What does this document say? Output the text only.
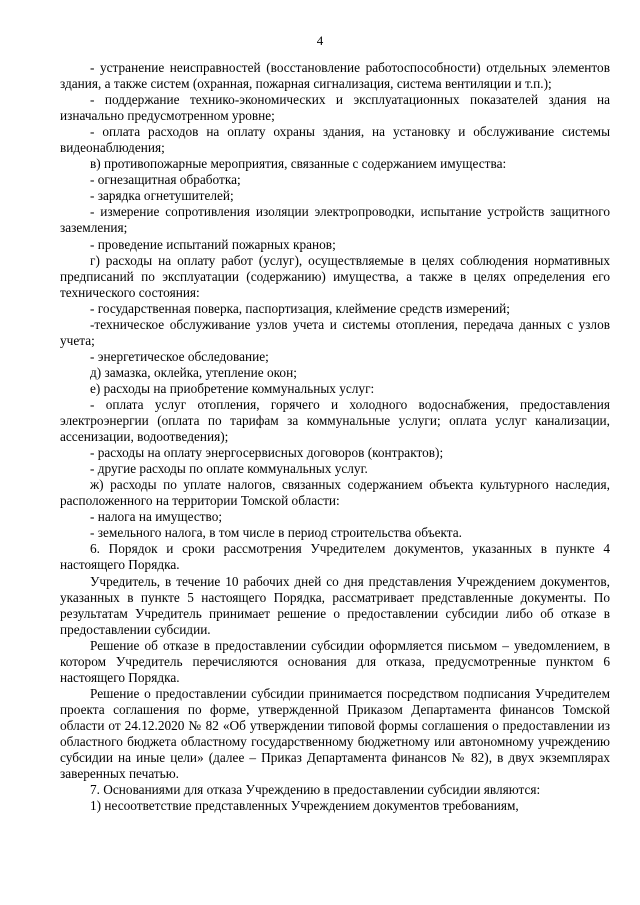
4

- устранение неисправностей (восстановление работоспособности) отдельных элементов здания, а также систем (охранная, пожарная сигнализация, система вентиляции и т.п.);

- поддержание технико-экономических и эксплуатационных показателей здания на изначально предусмотренном уровне;

- оплата расходов на оплату охраны здания, на установку и обслуживание системы видеонаблюдения;

в) противопожарные мероприятия, связанные с содержанием имущества:

- огнезащитная обработка;

- зарядка огнетушителей;

- измерение сопротивления изоляции электропроводки, испытание устройств защитного заземления;

- проведение испытаний пожарных кранов;

г) расходы на оплату работ (услуг), осуществляемые в целях соблюдения нормативных предписаний по эксплуатации (содержанию) имущества, а также в целях определения его технического состояния:

- государственная поверка, паспортизация, клеймение средств измерений;

-техническое обслуживание узлов учета и системы отопления, передача данных с узлов учета;

- энергетическое обследование;

д) замазка, оклейка, утепление окон;

е) расходы на приобретение коммунальных услуг:

- оплата услуг отопления, горячего и холодного водоснабжения, предоставления электроэнергии (оплата по тарифам за коммунальные услуги; оплата услуг канализации, ассенизации, водоотведения);

- расходы на оплату энергосервисных договоров (контрактов);

- другие расходы по оплате коммунальных услуг.

ж) расходы по уплате налогов, связанных содержанием объекта культурного наследия, расположенного на территории Томской области:

- налога на имущество;

- земельного налога, в том числе в период строительства объекта.

6. Порядок и сроки рассмотрения Учредителем документов, указанных в пункте 4 настоящего Порядка.

Учредитель, в течение 10 рабочих дней со дня представления Учреждением документов, указанных в пункте 5 настоящего Порядка, рассматривает представленные документы. По результатам Учредитель принимает решение о предоставлении субсидии либо об отказе в предоставлении субсидии.

Решение об отказе в предоставлении субсидии оформляется письмом – уведомлением, в котором Учредитель перечисляются основания для отказа, предусмотренные пунктом 6 настоящего Порядка.

Решение о предоставлении субсидии принимается посредством подписания Учредителем проекта соглашения по форме, утвержденной Приказом Департамента финансов Томской области от 24.12.2020 № 82 «Об утверждении типовой формы соглашения о предоставлении из областного бюджета областному государственному бюджетному или автономному учреждению субсидии на иные цели» (далее – Приказ Департамента финансов № 82), в двух экземплярах заверенных печатью.

7. Основаниями для отказа Учреждению в предоставлении субсидии являются:

1) несоответствие представленных Учреждением документов требованиям,
